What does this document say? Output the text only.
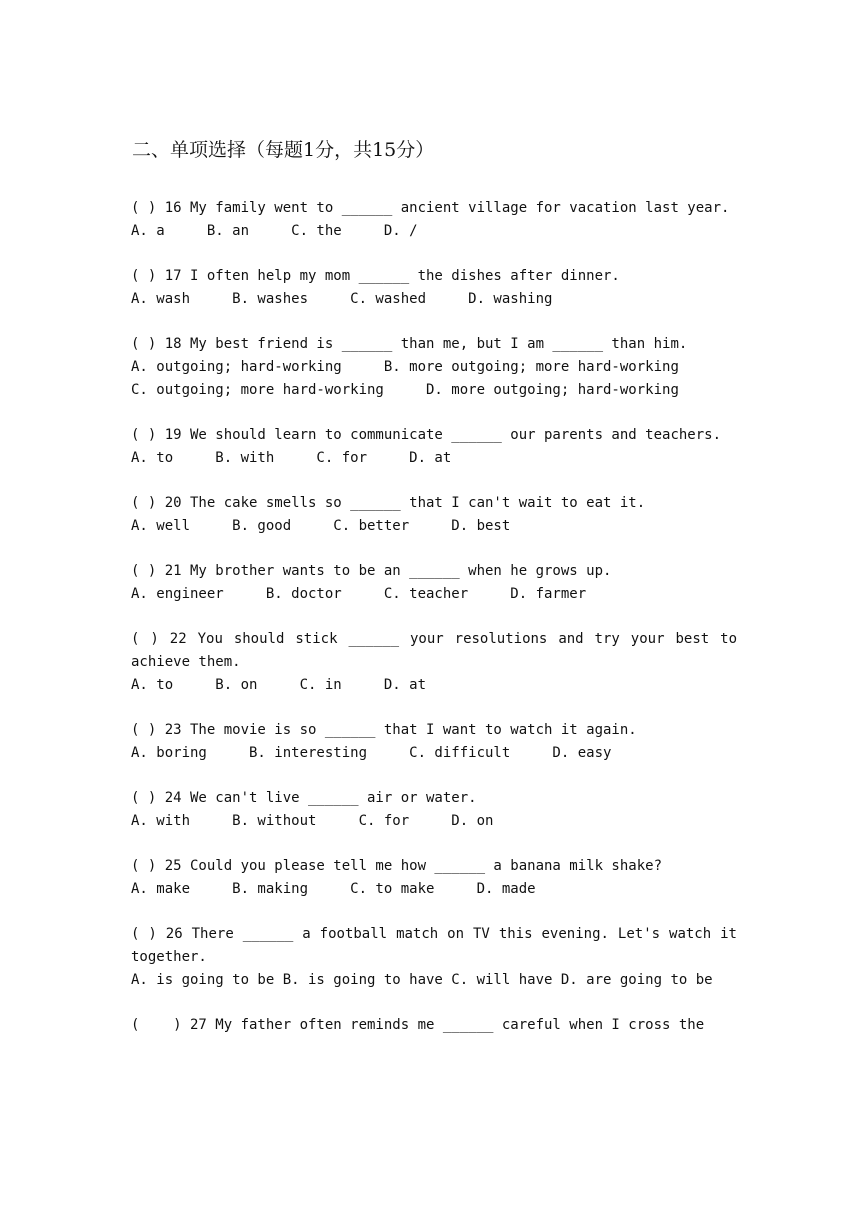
二、单项选择（每题1分，共15分）
( ) 16 My family went to ______ ancient village for vacation last year.
A. a     B. an     C. the     D. /
( ) 17 I often help my mom ______ the dishes after dinner.
A. wash     B. washes     C. washed     D. washing
( ) 18 My best friend is ______ than me, but I am ______ than him.
A. outgoing; hard-working     B. more outgoing; more hard-working
C. outgoing; more hard-working     D. more outgoing; hard-working
( ) 19 We should learn to communicate ______ our parents and teachers.
A. to     B. with     C. for     D. at
( ) 20 The cake smells so ______ that I can't wait to eat it.
A. well     B. good     C. better     D. best
( ) 21 My brother wants to be an ______ when he grows up.
A. engineer     B. doctor     C. teacher     D. farmer
( ) 22 You should stick ______ your resolutions and try your best to achieve them.
A. to     B. on     C. in     D. at
( ) 23 The movie is so ______ that I want to watch it again.
A. boring     B. interesting     C. difficult     D. easy
( ) 24 We can't live ______ air or water.
A. with     B. without     C. for     D. on
( ) 25 Could you please tell me how ______ a banana milk shake?
A. make     B. making     C. to make     D. made
( ) 26 There ______ a football match on TV this evening. Let's watch it together.
A. is going to be B. is going to have C. will have D. are going to be
(    ) 27 My father often reminds me ______ careful when I cross the
